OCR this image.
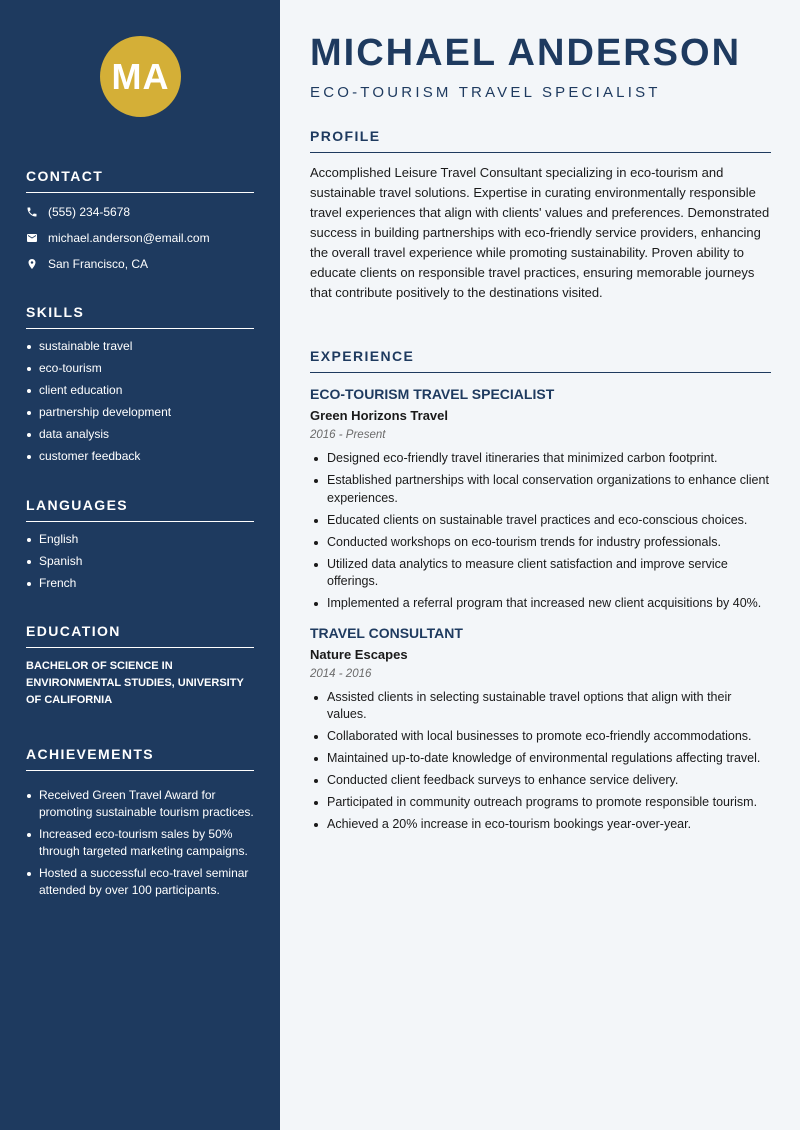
MA
CONTACT
(555) 234-5678
michael.anderson@email.com
San Francisco, CA
SKILLS
sustainable travel
eco-tourism
client education
partnership development
data analysis
customer feedback
LANGUAGES
English
Spanish
French
EDUCATION
BACHELOR OF SCIENCE IN ENVIRONMENTAL STUDIES, UNIVERSITY OF CALIFORNIA
ACHIEVEMENTS
Received Green Travel Award for promoting sustainable tourism practices.
Increased eco-tourism sales by 50% through targeted marketing campaigns.
Hosted a successful eco-travel seminar attended by over 100 participants.
MICHAEL ANDERSON
ECO-TOURISM TRAVEL SPECIALIST
PROFILE

Accomplished Leisure Travel Consultant specializing in eco-tourism and sustainable travel solutions. Expertise in curating environmentally responsible travel experiences that align with clients' values and preferences. Demonstrated success in building partnerships with eco-friendly service providers, enhancing the overall travel experience while promoting sustainability. Proven ability to educate clients on responsible travel practices, ensuring memorable journeys that contribute positively to the destinations visited.

EXPERIENCE
ECO-TOURISM TRAVEL SPECIALIST
Green Horizons Travel
2016 - Present
Designed eco-friendly travel itineraries that minimized carbon footprint.
Established partnerships with local conservation organizations to enhance client experiences.
Educated clients on sustainable travel practices and eco-conscious choices.
Conducted workshops on eco-tourism trends for industry professionals.
Utilized data analytics to measure client satisfaction and improve service offerings.
Implemented a referral program that increased new client acquisitions by 40%.
TRAVEL CONSULTANT
Nature Escapes
2014 - 2016
Assisted clients in selecting sustainable travel options that align with their values.
Collaborated with local businesses to promote eco-friendly accommodations.
Maintained up-to-date knowledge of environmental regulations affecting travel.
Conducted client feedback surveys to enhance service delivery.
Participated in community outreach programs to promote responsible tourism.
Achieved a 20% increase in eco-tourism bookings year-over-year.
